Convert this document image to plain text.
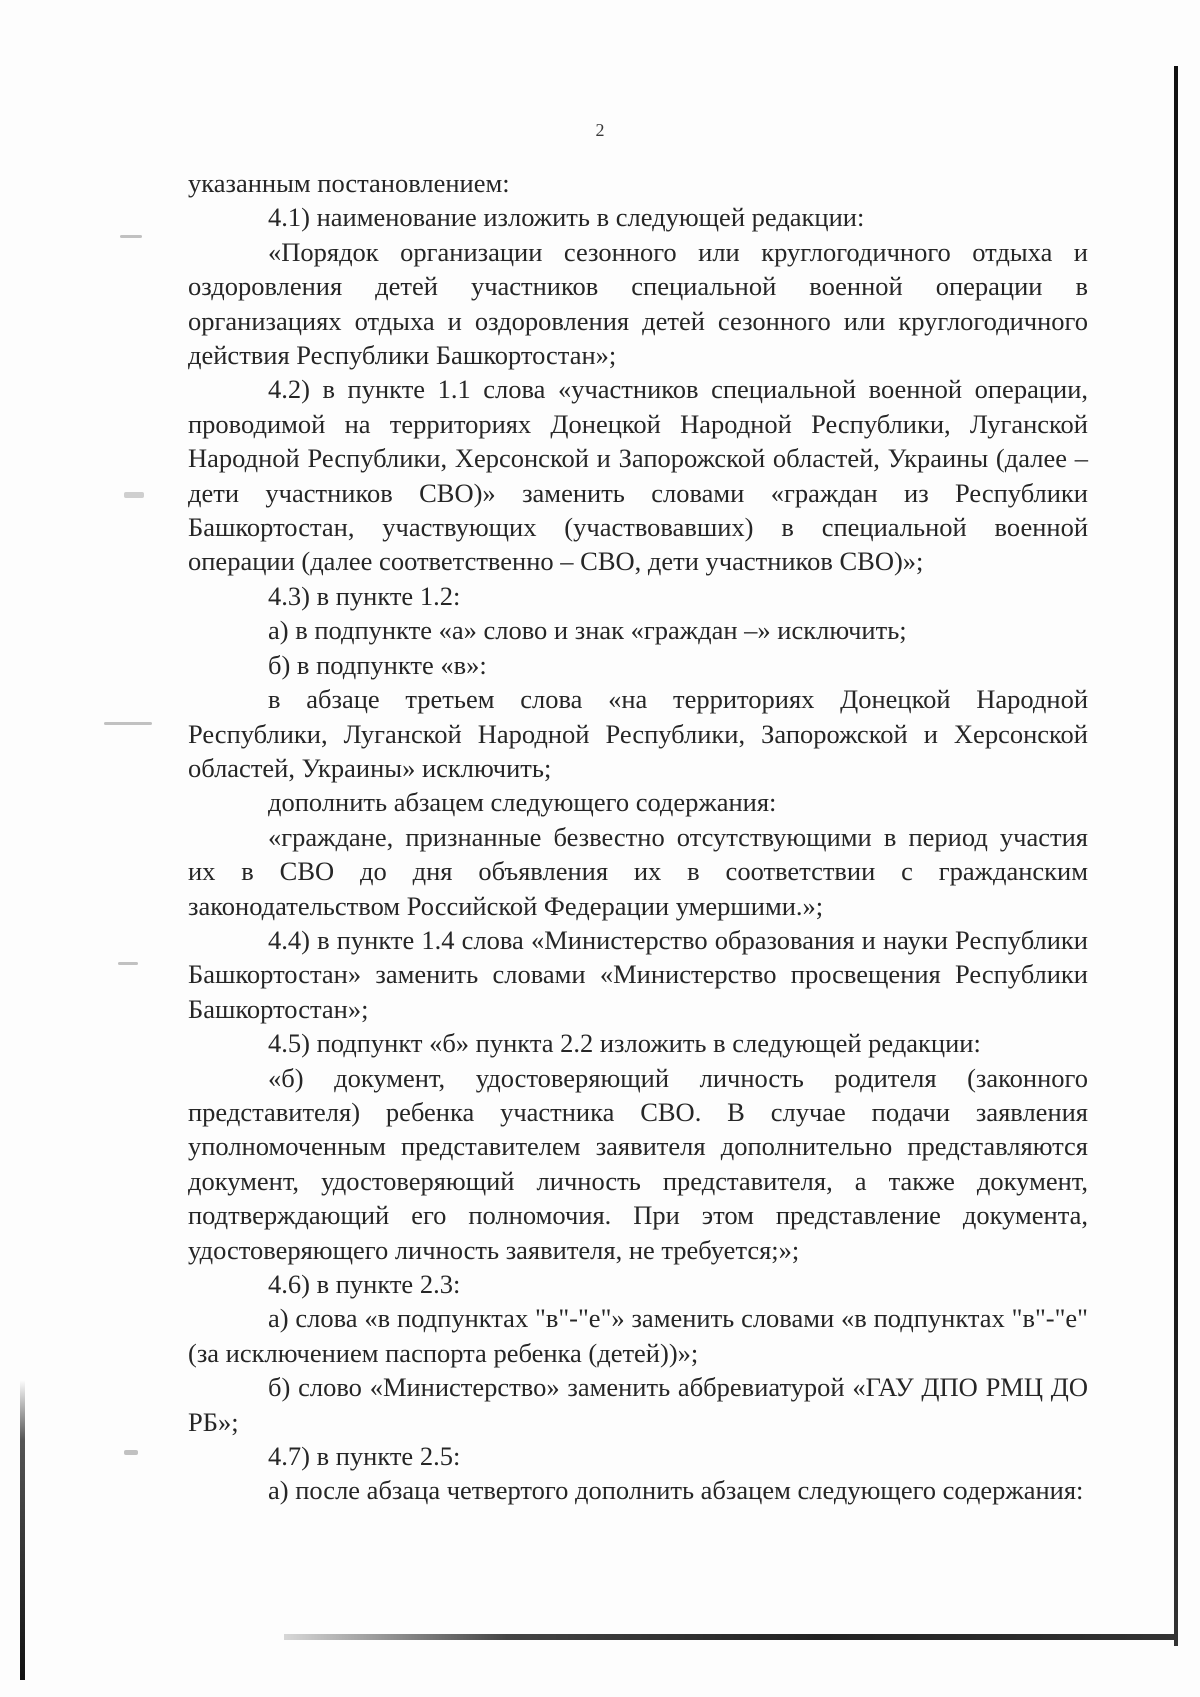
2

указанным постановлением:

4.1) наименование изложить в следующей редакции:

«Порядок организации сезонного или круглогодичного отдыха и оздоровления детей участников специальной военной операции в организациях отдыха и оздоровления детей сезонного или круглогодичного действия Республики Башкортостан»;

4.2) в пункте 1.1 слова «участников специальной военной операции, проводимой на территориях Донецкой Народной Республики, Луганской Народной Республики, Херсонской и Запорожской областей, Украины (далее – дети участников СВО)» заменить словами «граждан из Республики Башкортостан, участвующих (участвовавших) в специальной военной операции (далее соответственно – СВО, дети участников СВО)»;

4.3) в пункте 1.2:

а) в подпункте «а» слово и знак «граждан –» исключить;

б) в подпункте «в»:

в абзаце третьем слова «на территориях Донецкой Народной Республики, Луганской Народной Республики, Запорожской и Херсонской областей, Украины» исключить;

дополнить абзацем следующего содержания:

«граждане, признанные безвестно отсутствующими в период участия их в СВО до дня объявления их в соответствии с гражданским законодательством Российской Федерации умершими.»;

4.4) в пункте 1.4 слова «Министерство образования и науки Республики Башкортостан» заменить словами «Министерство просвещения Республики Башкортостан»;

4.5) подпункт «б» пункта 2.2 изложить в следующей редакции:

«б) документ, удостоверяющий личность родителя (законного представителя) ребенка участника СВО. В случае подачи заявления уполномоченным представителем заявителя дополнительно представляются документ, удостоверяющий личность представителя, а также документ, подтверждающий его полномочия. При этом представление документа, удостоверяющего личность заявителя, не требуется;»;

4.6) в пункте 2.3:

а) слова «в подпунктах "в"-"е"» заменить словами «в подпунктах "в"-"е" (за исключением паспорта ребенка (детей))»;

б) слово «Министерство» заменить аббревиатурой «ГАУ ДПО РМЦ ДО РБ»;

4.7) в пункте 2.5:

а) после абзаца четвертого дополнить абзацем следующего содержания:
